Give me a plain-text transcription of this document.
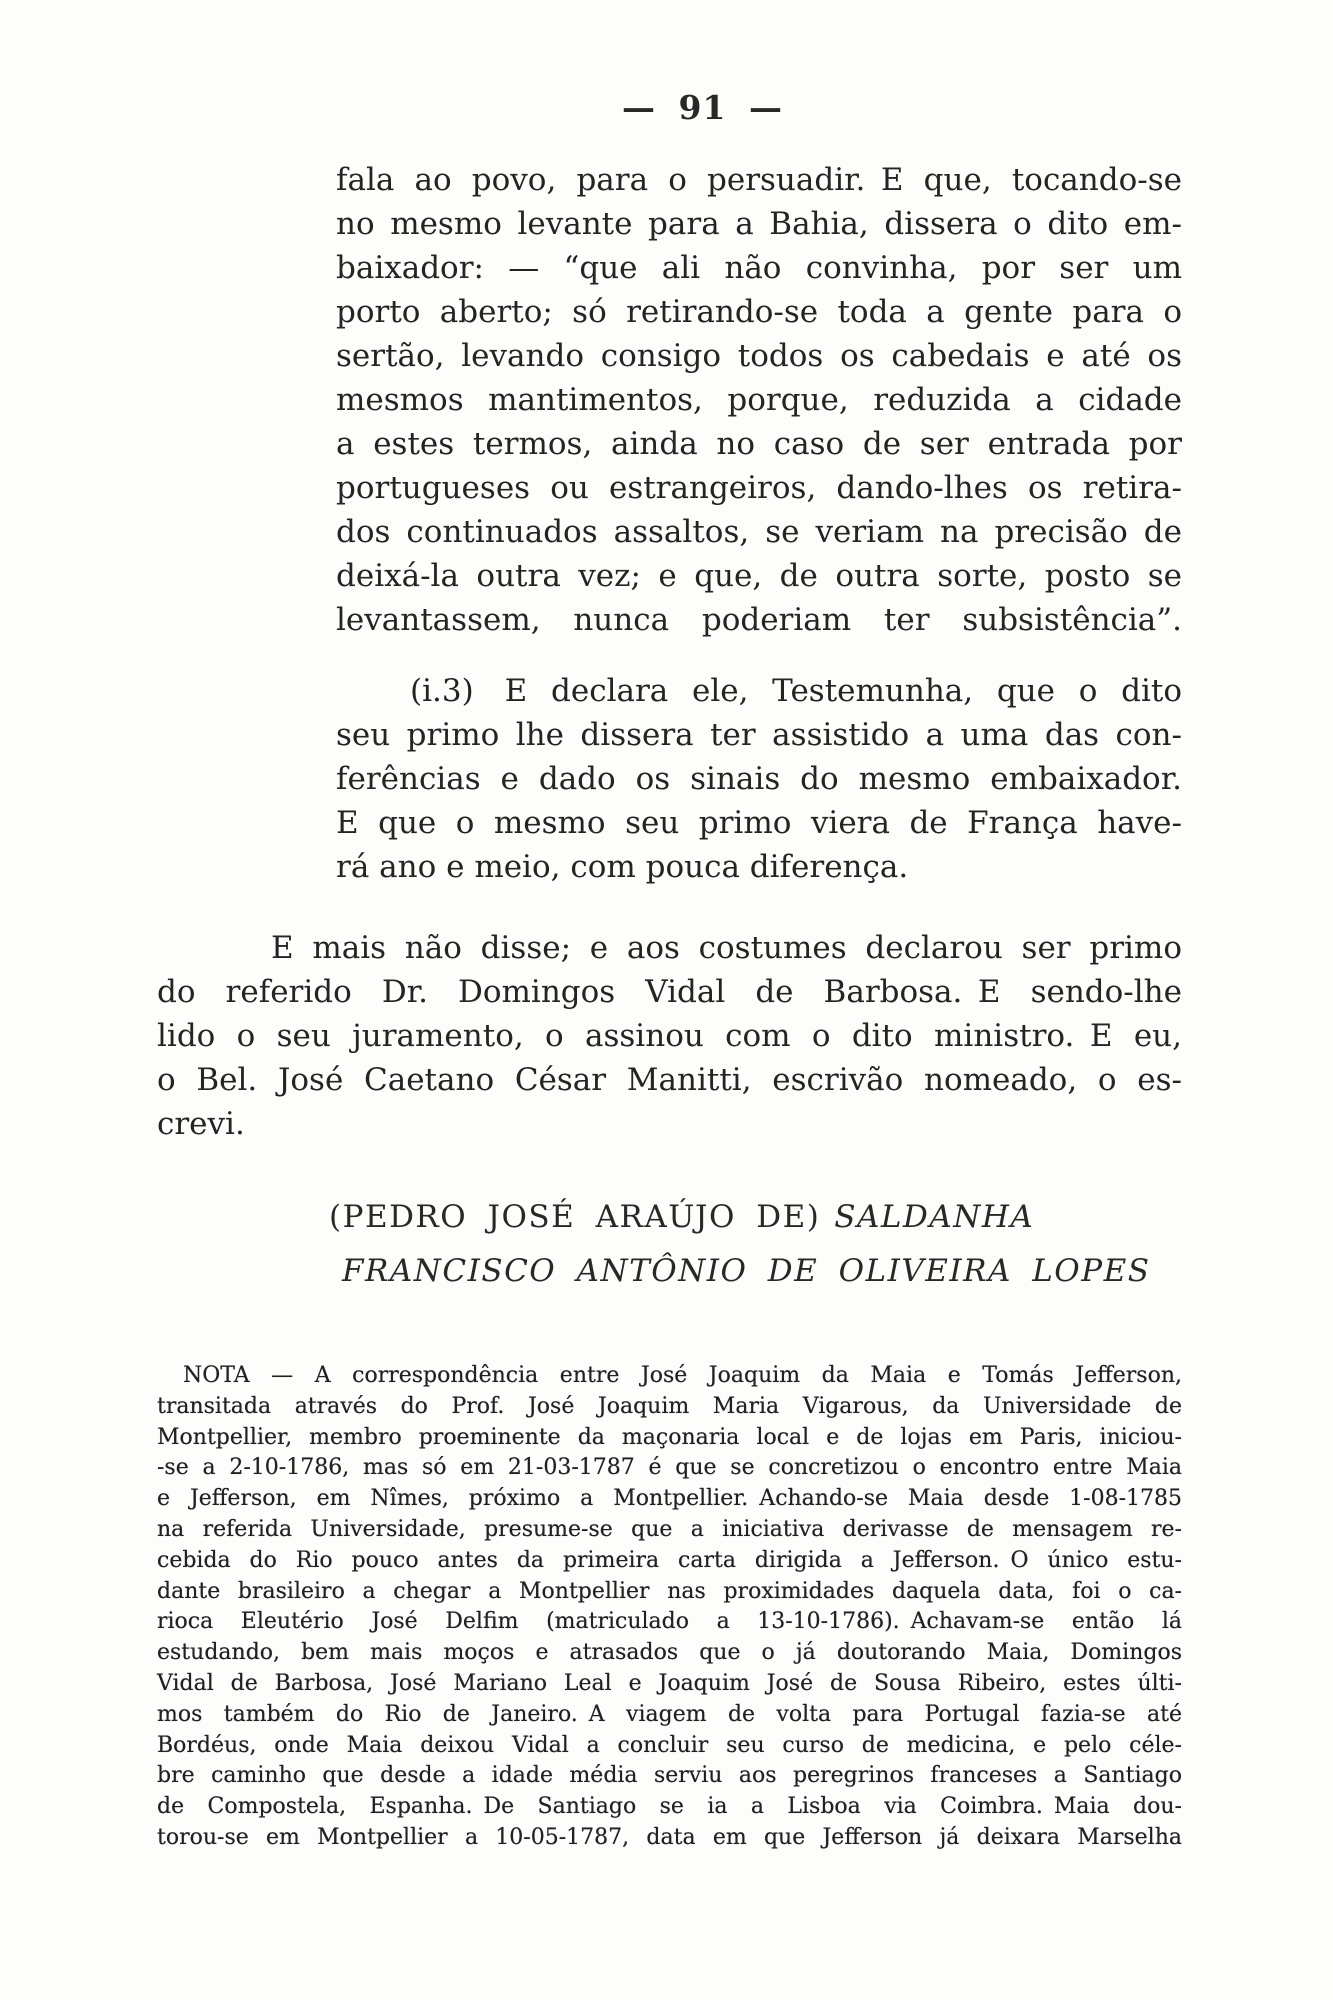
— 91 —
fala ao povo, para o persuadir. E que, tocando-se
no mesmo levante para a Bahia, dissera o dito em-
baixador: — “que ali não convinha, por ser um
porto aberto; só retirando-se toda a gente para o
sertão, levando consigo todos os cabedais e até os
mesmos mantimentos, porque, reduzida a cidade
a estes termos, ainda no caso de ser entrada por
portugueses ou estrangeiros, dando-lhes os retira-
dos continuados assaltos, se veriam na precisão de
deixá-la outra vez; e que, de outra sorte, posto se
levantassem, nunca poderiam ter subsistência”.
(i.3)  E declara ele, Testemunha, que o dito
seu primo lhe dissera ter assistido a uma das con-
ferências e dado os sinais do mesmo embaixador.
E que o mesmo seu primo viera de França have-
rá ano e meio, com pouca diferença.
E mais não disse; e aos costumes declarou ser primo
do referido Dr. Domingos Vidal de Barbosa. E sendo-lhe
lido o seu juramento, o assinou com o dito ministro. E eu,
o Bel. José Caetano César Manitti, escrivão nomeado, o es-
crevi.
(PEDRO JOSÉ ARAÚJO DE) SALDANHA
FRANCISCO ANTÔNIO DE OLIVEIRA LOPES
NOTA — A correspondência entre José Joaquim da Maia e Tomás Jefferson,
transitada através do Prof. José Joaquim Maria Vigarous, da Universidade de
Montpellier, membro proeminente da maçonaria local e de lojas em Paris, iniciou-
-se a 2-10-1786, mas só em 21-03-1787 é que se concretizou o encontro entre Maia
e Jefferson, em Nîmes, próximo a Montpellier. Achando-se Maia desde 1-08-1785
na referida Universidade, presume-se que a iniciativa derivasse de mensagem re-
cebida do Rio pouco antes da primeira carta dirigida a Jefferson. O único estu-
dante brasileiro a chegar a Montpellier nas proximidades daquela data, foi o ca-
rioca Eleutério José Delfim (matriculado a 13-10-1786). Achavam-se então lá
estudando, bem mais moços e atrasados que o já doutorando Maia, Domingos
Vidal de Barbosa, José Mariano Leal e Joaquim José de Sousa Ribeiro, estes últi-
mos também do Rio de Janeiro. A viagem de volta para Portugal fazia-se até
Bordéus, onde Maia deixou Vidal a concluir seu curso de medicina, e pelo céle-
bre caminho que desde a idade média serviu aos peregrinos franceses a Santiago
de Compostela, Espanha. De Santiago se ia a Lisboa via Coimbra. Maia dou-
torou-se em Montpellier a 10-05-1787, data em que Jefferson já deixara Marselha
